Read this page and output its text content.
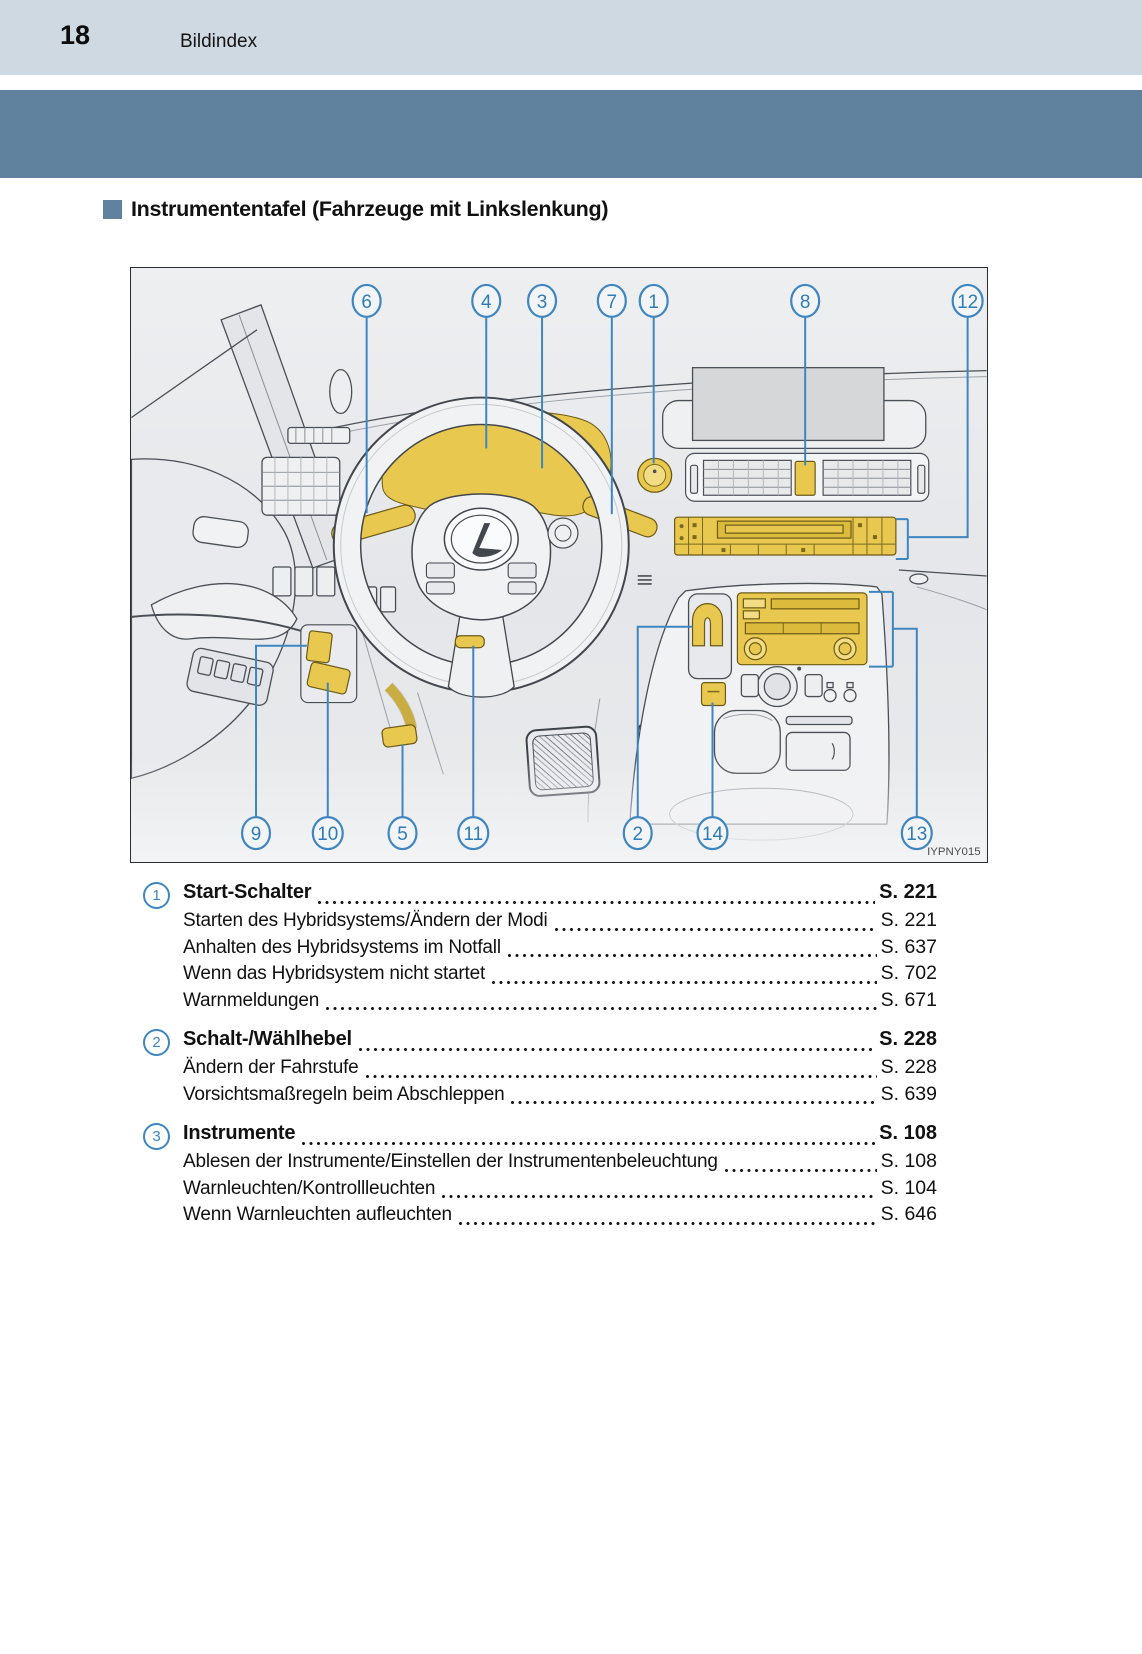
18	Bildindex
Instrumententafel (Fahrzeuge mit Linkslenkung)
6	4 3	7 1	8	12
9	10	5	11	2	14	13
IYPNY015
1	Start-Schalter	S. 221
Starten des Hybridsystems/Ändern der Modi	S. 221
Anhalten des Hybridsystems im Notfall	S. 637
Wenn das Hybridsystem nicht startet	S. 702
Warnmeldungen	S. 671
2	Schalt-/Wählhebel	S. 228
Ändern der Fahrstufe	S. 228
Vorsichtsmaßregeln beim Abschleppen	S. 639
3	Instrumente	S. 108
Ablesen der Instrumente/Einstellen der Instrumentenbeleuchtung	S. 108
Warnleuchten/Kontrollleuchten	S. 104
Wenn Warnleuchten aufleuchten	S. 646
